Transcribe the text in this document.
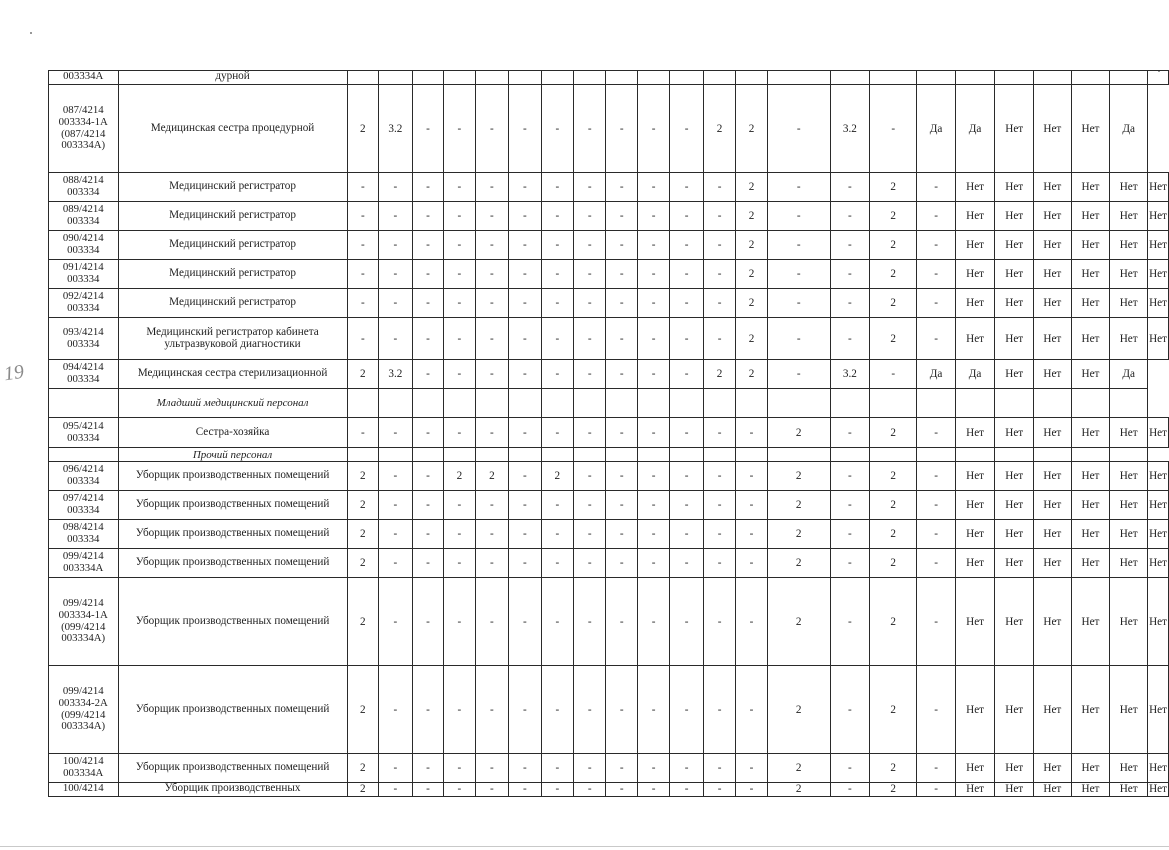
19
003334А	дурной																							
087/4214 003334-1А (087/4214 003334А)	Медицинская сестра процедурной	2	3.2	-	-	-	-	-	-	-	-	-	2	2	-	3.2	-	Да	Да	Нет	Нет	Нет	Да	
088/4214 003334	Медицинский регистратор	-	-	-	-	-	-	-	-	-	-	-	-	2	-	-	2	-	Нет	Нет	Нет	Нет	Нет	Нет
089/4214 003334	Медицинский регистратор	-	-	-	-	-	-	-	-	-	-	-	-	2	-	-	2	-	Нет	Нет	Нет	Нет	Нет	Нет
090/4214 003334	Медицинский регистратор	-	-	-	-	-	-	-	-	-	-	-	-	2	-	-	2	-	Нет	Нет	Нет	Нет	Нет	Нет
091/4214 003334	Медицинский регистратор	-	-	-	-	-	-	-	-	-	-	-	-	2	-	-	2	-	Нет	Нет	Нет	Нет	Нет	Нет
092/4214 003334	Медицинский регистратор	-	-	-	-	-	-	-	-	-	-	-	-	2	-	-	2	-	Нет	Нет	Нет	Нет	Нет	Нет
093/4214 003334	Медицинский регистратор кабинета ультразвуковой диагностики	-	-	-	-	-	-	-	-	-	-	-	-	2	-	-	2	-	Нет	Нет	Нет	Нет	Нет	Нет
094/4214 003334	Медицинская сестра стерилизационной	2	3.2	-	-	-	-	-	-	-	-	-	2	2	-	3.2	-	Да	Да	Нет	Нет	Нет	Да	
	Младший медицинский персонал																							
095/4214 003334	Сестра-хозяйка	-	-	-	-	-	-	-	-	-	-	-	-	-	2	-	2	-	Нет	Нет	Нет	Нет	Нет	Нет
	Прочий персонал																							
096/4214 003334	Уборщик производственных помещений	2	-	-	2	2	-	2	-	-	-	-	-	-	2	-	2	-	Нет	Нет	Нет	Нет	Нет	Нет
097/4214 003334	Уборщик производственных помещений	2	-	-	-	-	-	-	-	-	-	-	-	-	2	-	2	-	Нет	Нет	Нет	Нет	Нет	Нет
098/4214 003334	Уборщик производственных помещений	2	-	-	-	-	-	-	-	-	-	-	-	-	2	-	2	-	Нет	Нет	Нет	Нет	Нет	Нет
099/4214 003334А	Уборщик производственных помещений	2	-	-	-	-	-	-	-	-	-	-	-	-	2	-	2	-	Нет	Нет	Нет	Нет	Нет	Нет
099/4214 003334-1А (099/4214 003334А)	Уборщик производственных помещений	2	-	-	-	-	-	-	-	-	-	-	-	-	2	-	2	-	Нет	Нет	Нет	Нет	Нет	Нет
099/4214 003334-2А (099/4214 003334А)	Уборщик производственных помещений	2	-	-	-	-	-	-	-	-	-	-	-	-	2	-	2	-	Нет	Нет	Нет	Нет	Нет	Нет
100/4214 003334А	Уборщик производственных помещений	2	-	-	-	-	-	-	-	-	-	-	-	-	2	-	2	-	Нет	Нет	Нет	Нет	Нет	Нет
100/4214	Уборщик производственных	2	-	-	-	-	-	-	-	-	-	-	-	-	2	-	2	-	Нет	Нет	Нет	Нет	Нет	Нет
